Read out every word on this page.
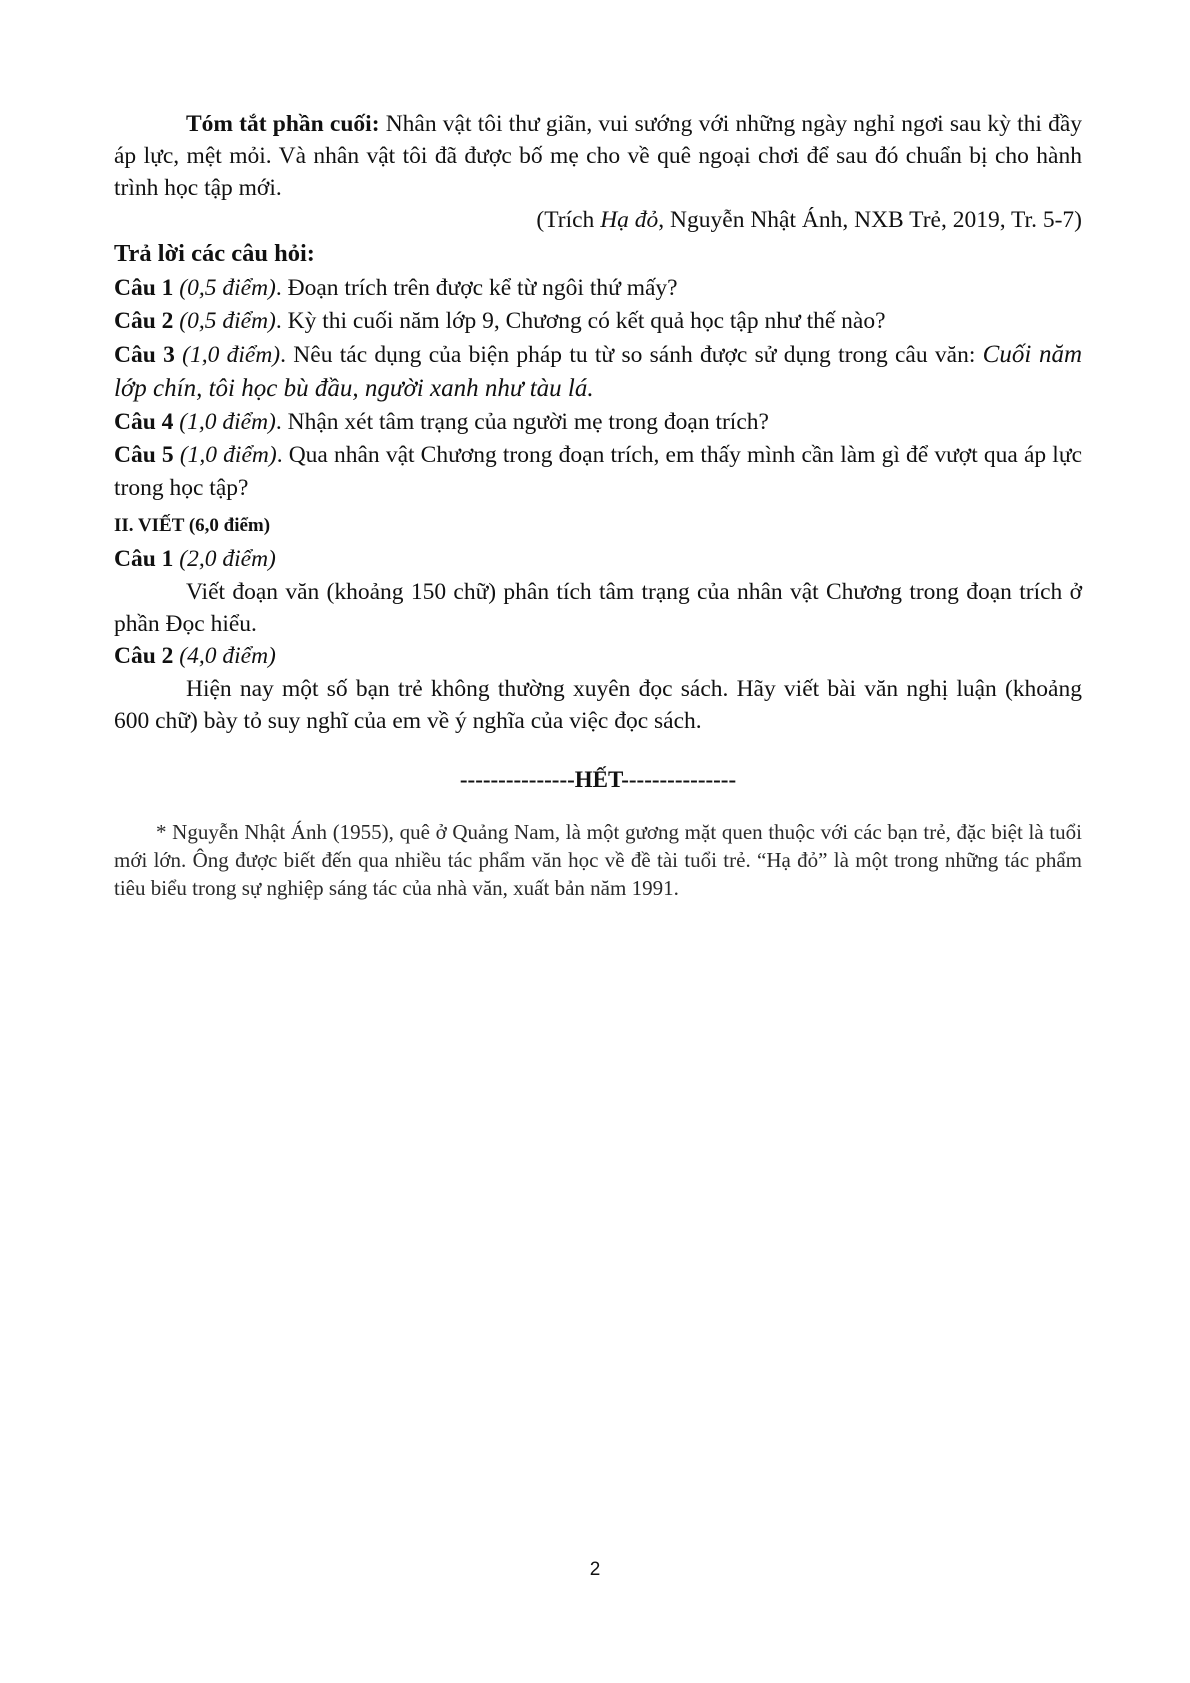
Tóm tắt phần cuối: Nhân vật tôi thư giãn, vui sướng với những ngày nghỉ ngơi sau kỳ thi đầy áp lực, mệt mỏi. Và nhân vật tôi đã được bố mẹ cho về quê ngoại chơi để sau đó chuẩn bị cho hành trình học tập mới.

(Trích Hạ đỏ, Nguyễn Nhật Ánh, NXB Trẻ, 2019, Tr. 5-7)

Trả lời các câu hỏi:

Câu 1 (0,5 điểm). Đoạn trích trên được kể từ ngôi thứ mấy?

Câu 2 (0,5 điểm). Kỳ thi cuối năm lớp 9, Chương có kết quả học tập như thế nào?

Câu 3 (1,0 điểm). Nêu tác dụng của biện pháp tu từ so sánh được sử dụng trong câu văn: Cuối năm lớp chín, tôi học bù đầu, người xanh như tàu lá.

Câu 4 (1,0 điểm). Nhận xét tâm trạng của người mẹ trong đoạn trích?

Câu 5 (1,0 điểm). Qua nhân vật Chương trong đoạn trích, em thấy mình cần làm gì để vượt qua áp lực trong học tập?

II. VIẾT (6,0 điểm)

Câu 1 (2,0 điểm)

Viết đoạn văn (khoảng 150 chữ) phân tích tâm trạng của nhân vật Chương trong đoạn trích ở phần Đọc hiểu.

Câu 2 (4,0 điểm)

Hiện nay một số bạn trẻ không thường xuyên đọc sách. Hãy viết bài văn nghị luận (khoảng 600 chữ) bày tỏ suy nghĩ của em về ý nghĩa của việc đọc sách.

---------------HẾT---------------

* Nguyễn Nhật Ánh (1955), quê ở Quảng Nam, là một gương mặt quen thuộc với các bạn trẻ, đặc biệt là tuổi mới lớn. Ông được biết đến qua nhiều tác phẩm văn học về đề tài tuổi trẻ. “Hạ đỏ” là một trong những tác phẩm tiêu biểu trong sự nghiệp sáng tác của nhà văn, xuất bản năm 1991.

2
